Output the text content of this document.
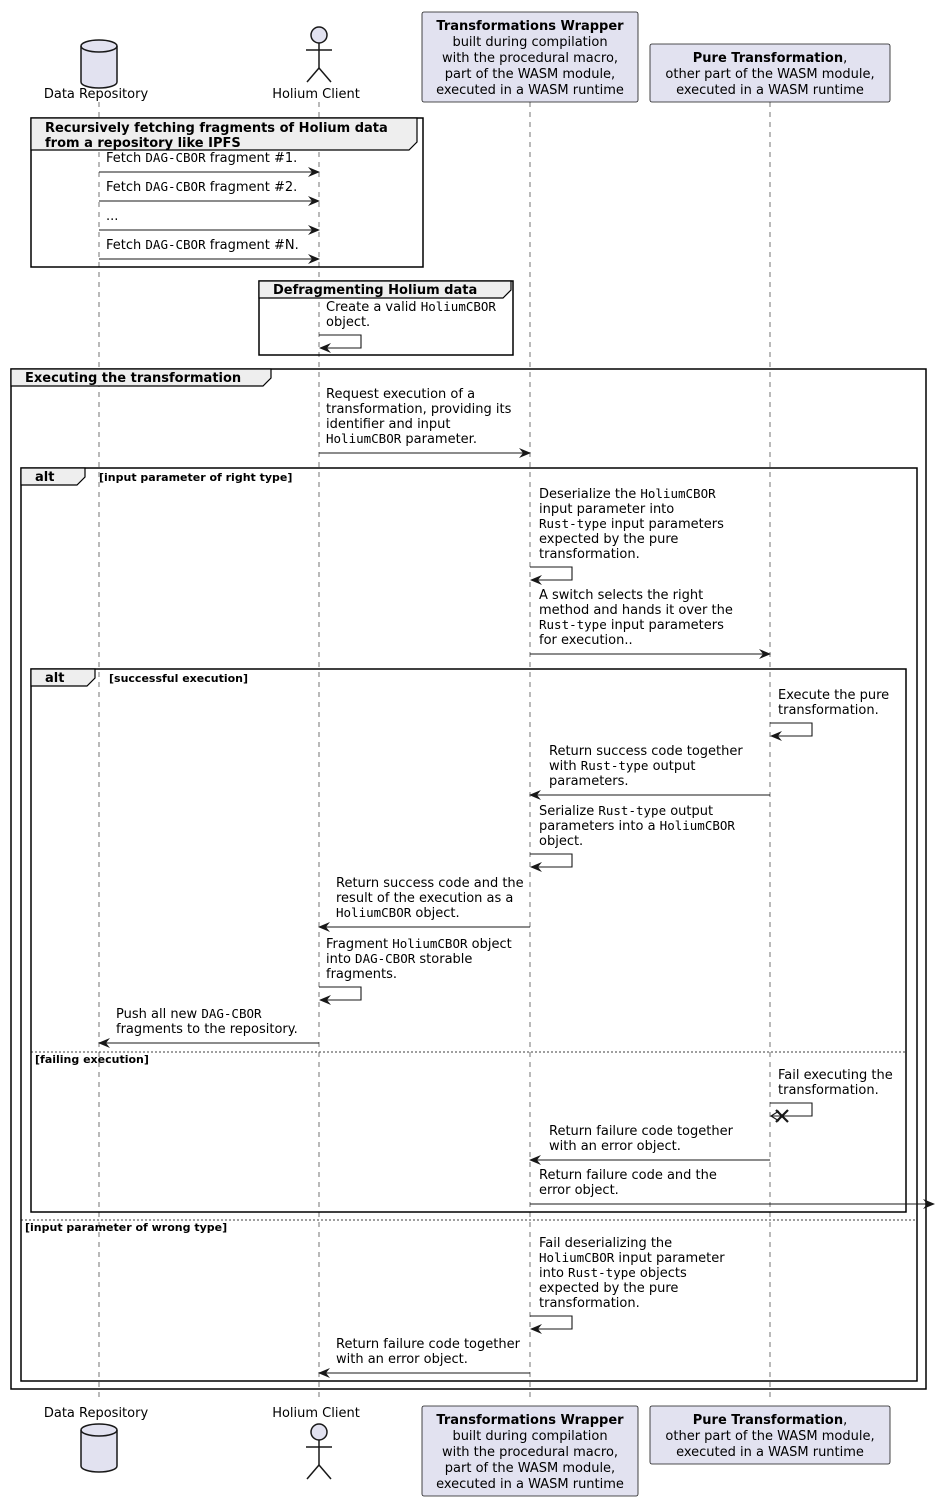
Recursively fetching fragments of Holium data
from a repository like IPFS
Defragmenting Holium data
Executing the transformation
alt	[input parameter of right type]
[input parameter of wrong type]
alt	[successful execution]
[failing execution]
Fetch DAG-CBOR fragment #1.
Fetch DAG-CBOR fragment #2.
...
Fetch DAG-CBOR fragment #N.
Create a valid HoliumCBOR
object.
Request execution of a
transformation, providing its
identifier and input
HoliumCBOR parameter.
Deserialize the HoliumCBOR
input parameter into
Rust-type input parameters
expected by the pure
transformation.
A switch selects the right
method and hands it over the
Rust-type input parameters
for execution..
Execute the pure
transformation.
Return success code together
with Rust-type output
parameters.
Serialize Rust-type output
parameters into a HoliumCBOR
object.
Return success code and the
result of the execution as a
HoliumCBOR object.
Fragment HoliumCBOR object
into DAG-CBOR storable
fragments.
Push all new DAG-CBOR
fragments to the repository.
Fail executing the
transformation.
Return failure code together
with an error object.
Return failure code and the
error object.
Fail deserializing the
HoliumCBOR input parameter
into Rust-type objects
expected by the pure
transformation.
Return failure code together
with an error object.
Data Repository
Data Repository
Holium Client
Holium Client
Transformations Wrapper
built during compilation
with the procedural macro,
part of the WASM module,
executed in a WASM runtime
Transformations Wrapper
built during compilation
with the procedural macro,
part of the WASM module,
executed in a WASM runtime
Pure Transformation,
other part of the WASM module,
executed in a WASM runtime
Pure Transformation,
other part of the WASM module,
executed in a WASM runtime
